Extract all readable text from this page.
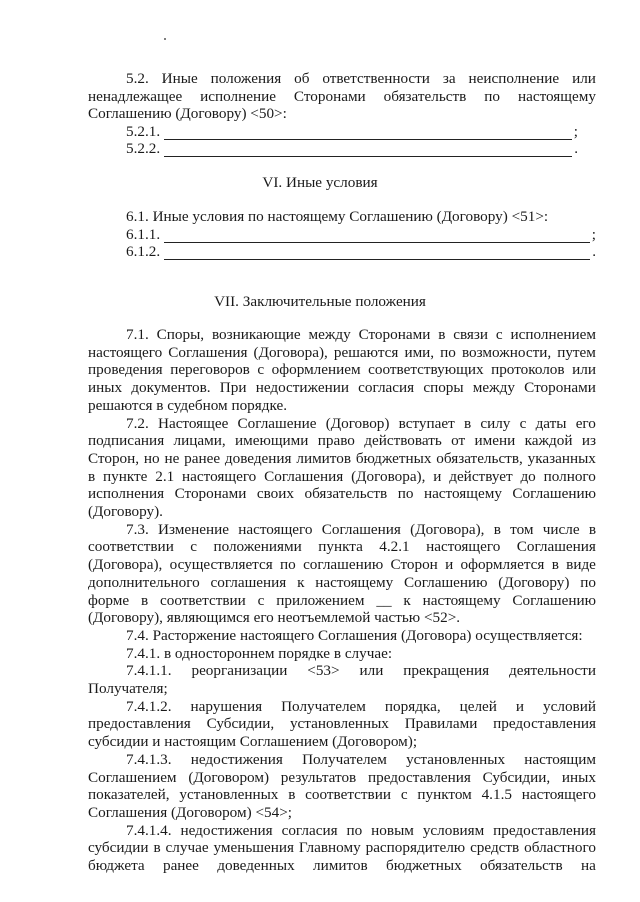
5.2. Иные положения об ответственности за неисполнение или
ненадлежащее исполнение Сторонами обязательств по настоящему
Соглашению (Договору) <50>:
5.2.1.	;
5.2.2.	.
VI. Иные условия
6.1. Иные условия по настоящему Соглашению (Договору) <51>:
6.1.1.	;
6.1.2.	.
VII. Заключительные положения
7.1. Споры, возникающие между Сторонами в связи с исполнением
настоящего Соглашения (Договора), решаются ими, по возможности, путем
проведения переговоров с оформлением соответствующих протоколов или
иных документов. При недостижении согласия споры между Сторонами
решаются в судебном порядке.
7.2. Настоящее Соглашение (Договор) вступает в силу с даты его
подписания лицами, имеющими право действовать от имени каждой из
Сторон, но не ранее доведения лимитов бюджетных обязательств, указанных
в пункте 2.1 настоящего Соглашения (Договора), и действует до полного
исполнения Сторонами своих обязательств по настоящему Соглашению
(Договору).
7.3. Изменение настоящего Соглашения (Договора), в том числе в
соответствии с положениями пункта 4.2.1 настоящего Соглашения
(Договора), осуществляется по соглашению Сторон и оформляется в виде
дополнительного соглашения к настоящему Соглашению (Договору) по
форме в соответствии с приложением __ к настоящему Соглашению
(Договору), являющимся его неотъемлемой частью <52>.
7.4. Расторжение настоящего Соглашения (Договора) осуществляется:
7.4.1. в одностороннем порядке в случае:
7.4.1.1. реорганизации <53> или прекращения деятельности
Получателя;
7.4.1.2. нарушения Получателем порядка, целей и условий
предоставления Субсидии, установленных Правилами предоставления
субсидии и настоящим Соглашением (Договором);
7.4.1.3. недостижения Получателем установленных настоящим
Соглашением (Договором) результатов предоставления Субсидии, иных
показателей, установленных в соответствии с пунктом 4.1.5 настоящего
Соглашения (Договором) <54>;
7.4.1.4. недостижения согласия по новым условиям предоставления
субсидии в случае уменьшения Главному распорядителю средств областного
бюджета ранее доведенных лимитов бюджетных обязательств на
